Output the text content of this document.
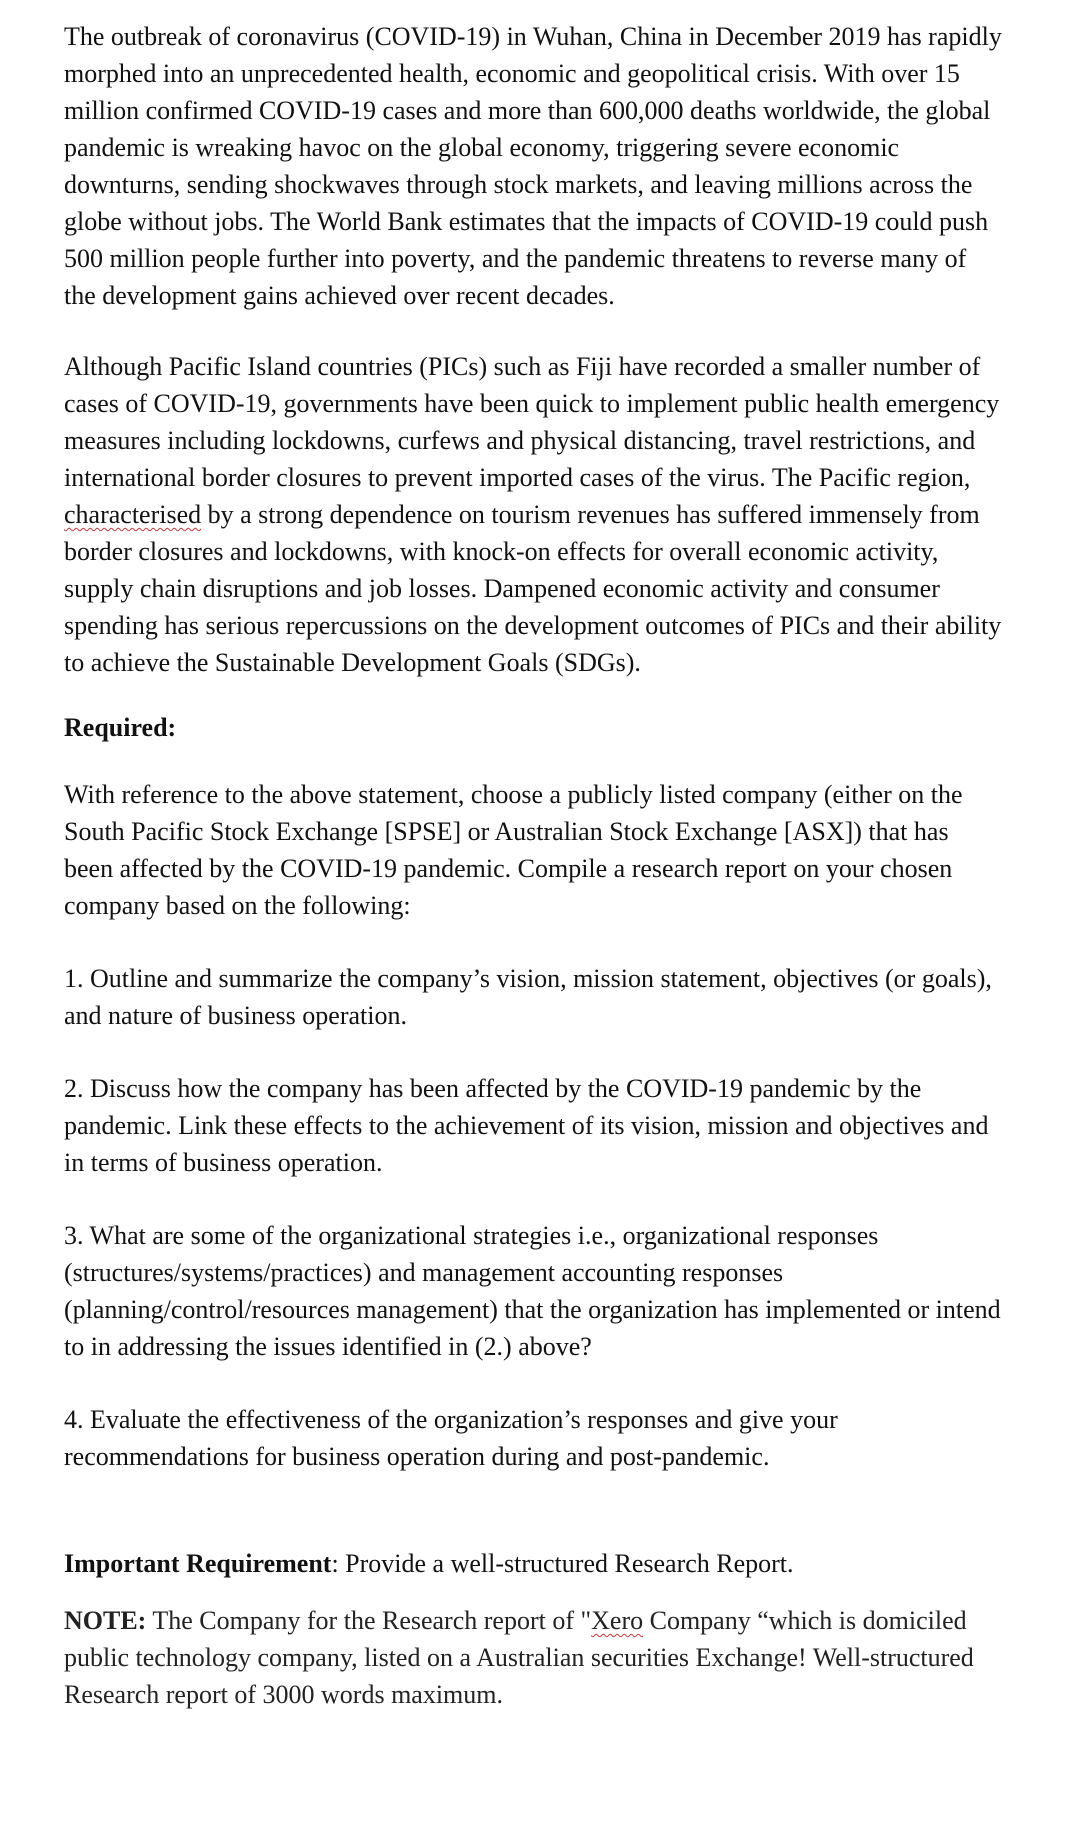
The outbreak of coronavirus (COVID-19) in Wuhan, China in December 2019 has rapidly morphed into an unprecedented health, economic and geopolitical crisis. With over 15 million confirmed COVID-19 cases and more than 600,000 deaths worldwide, the global pandemic is wreaking havoc on the global economy, triggering severe economic downturns, sending shockwaves through stock markets, and leaving millions across the globe without jobs. The World Bank estimates that the impacts of COVID-19 could push 500 million people further into poverty, and the pandemic threatens to reverse many of the development gains achieved over recent decades.

Although Pacific Island countries (PICs) such as Fiji have recorded a smaller number of cases of COVID-19, governments have been quick to implement public health emergency measures including lockdowns, curfews and physical distancing, travel restrictions, and international border closures to prevent imported cases of the virus. The Pacific region, characterised by a strong dependence on tourism revenues has suffered immensely from border closures and lockdowns, with knock-on effects for overall economic activity, supply chain disruptions and job losses. Dampened economic activity and consumer spending has serious repercussions on the development outcomes of PICs and their ability to achieve the Sustainable Development Goals (SDGs).

Required:

With reference to the above statement, choose a publicly listed company (either on the South Pacific Stock Exchange [SPSE] or Australian Stock Exchange [ASX]) that has been affected by the COVID-19 pandemic. Compile a research report on your chosen company based on the following:

1. Outline and summarize the company’s vision, mission statement, objectives (or goals), and nature of business operation.

2. Discuss how the company has been affected by the COVID-19 pandemic by the pandemic. Link these effects to the achievement of its vision, mission and objectives and in terms of business operation.

3. What are some of the organizational strategies i.e., organizational responses (structures/systems/practices) and management accounting responses (planning/control/resources management) that the organization has implemented or intend to in addressing the issues identified in (2.) above?

4. Evaluate the effectiveness of the organization’s responses and give your recommendations for business operation during and post-pandemic.

Important Requirement: Provide a well-structured Research Report.

NOTE: The Company for the Research report of "Xero Company “which is domiciled public technology company, listed on a Australian securities Exchange! Well-structured Research report of 3000 words maximum.
